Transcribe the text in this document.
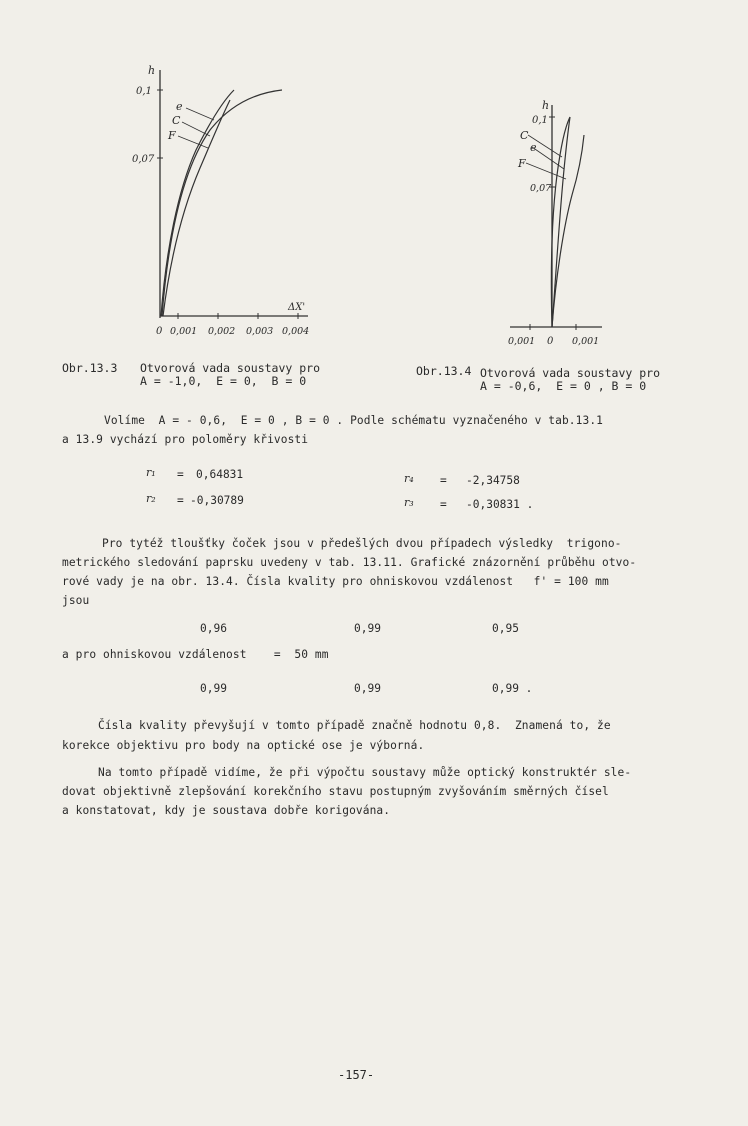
h
0,1
0,07
e
C
F
ΔX'
0 0,001 0,002 0,003 0,004
h
0,1
0,07
C
e
F
0,001 0 0,001
Obr.13.3 Otvorová vada soustavy pro
A = -1,0,  E = 0,  B = 0
Obr.13.4 Otvorová vada soustavy pro
A = -0,6,  E = 0 , B = 0
Volíme  A = - 0,6,  E = 0 , B = 0 . Podle schématu vyznačeného v tab.13.1
a 13.9 vychází pro poloměry křivosti
r₁ = 0,64831
r₂ = -0,30789
r₄ = -2,34758
r₃ = -0,30831 .
Pro tytéž tloušťky čoček jsou v předešlých dvou případech výsledky  trigono-
metrického sledování paprsku uvedeny v tab. 13.11. Grafické znázornění průběhu otvo-
rové vady je na obr. 13.4. Čísla kvality pro ohniskovou vzdálenost   f' = 100 mm
jsou
0,96	0,99	0,95
a pro ohniskovou vzdálenost    =  50 mm
0,99	0,99	0,99 .
Čísla kvality převyšují v tomto případě značně hodnotu 0,8.  Znamená to, že
korekce objektivu pro body na optické ose je výborná.
Na tomto případě vidíme, že při výpočtu soustavy může optický konstruktér sle-
dovat objektivně zlepšování korekčního stavu postupným zvyšováním směrných čísel
a konstatovat, kdy je soustava dobře korigována.
-157-
